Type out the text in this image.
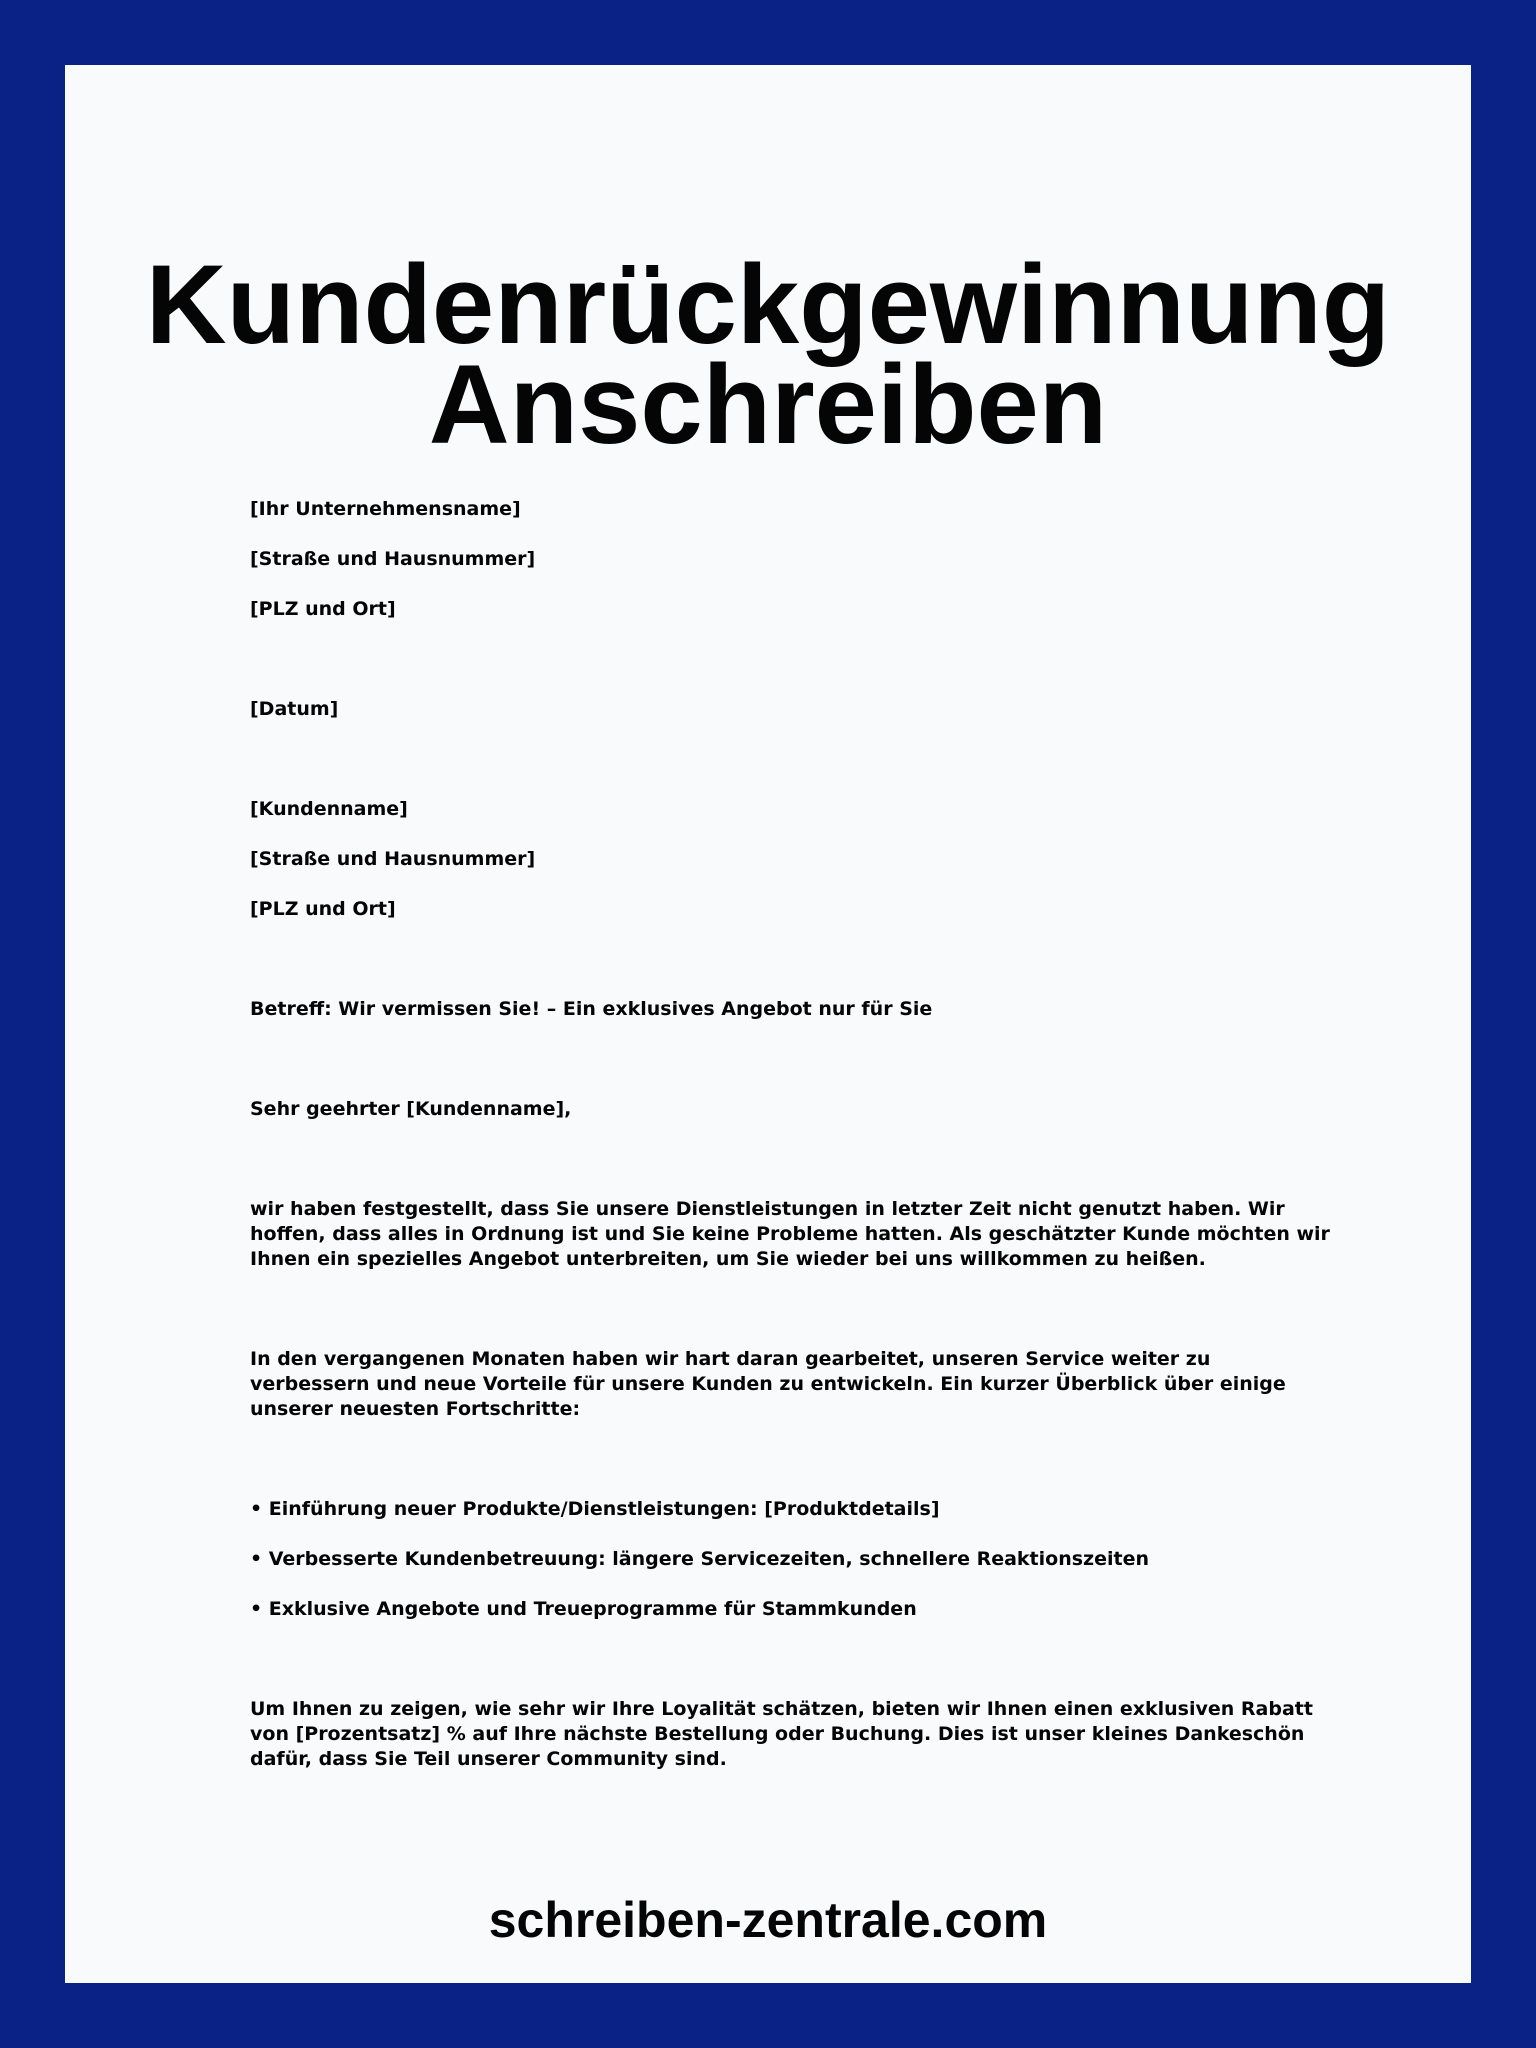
Kundenrückgewinnung
Anschreiben
[Ihr Unternehmensname]
[Straße und Hausnummer]
[PLZ und Ort]
[Datum]
[Kundenname]
[Straße und Hausnummer]
[PLZ und Ort]
Betreff: Wir vermissen Sie! – Ein exklusives Angebot nur für Sie
Sehr geehrter [Kundenname],
wir haben festgestellt, dass Sie unsere Dienstleistungen in letzter Zeit nicht genutzt haben. Wir hoffen, dass alles in Ordnung ist und Sie keine Probleme hatten. Als geschätzter Kunde möchten wir Ihnen ein spezielles Angebot unterbreiten, um Sie wieder bei uns willkommen zu heißen.
In den vergangenen Monaten haben wir hart daran gearbeitet, unseren Service weiter zu verbessern und neue Vorteile für unsere Kunden zu entwickeln. Ein kurzer Überblick über einige unserer neuesten Fortschritte:
• Einführung neuer Produkte/Dienstleistungen: [Produktdetails]
• Verbesserte Kundenbetreuung: längere Servicezeiten, schnellere Reaktionszeiten
• Exklusive Angebote und Treueprogramme für Stammkunden
Um Ihnen zu zeigen, wie sehr wir Ihre Loyalität schätzen, bieten wir Ihnen einen exklusiven Rabatt von [Prozentsatz] % auf Ihre nächste Bestellung oder Buchung. Dies ist unser kleines Dankeschön dafür, dass Sie Teil unserer Community sind.
schreiben-zentrale.com
